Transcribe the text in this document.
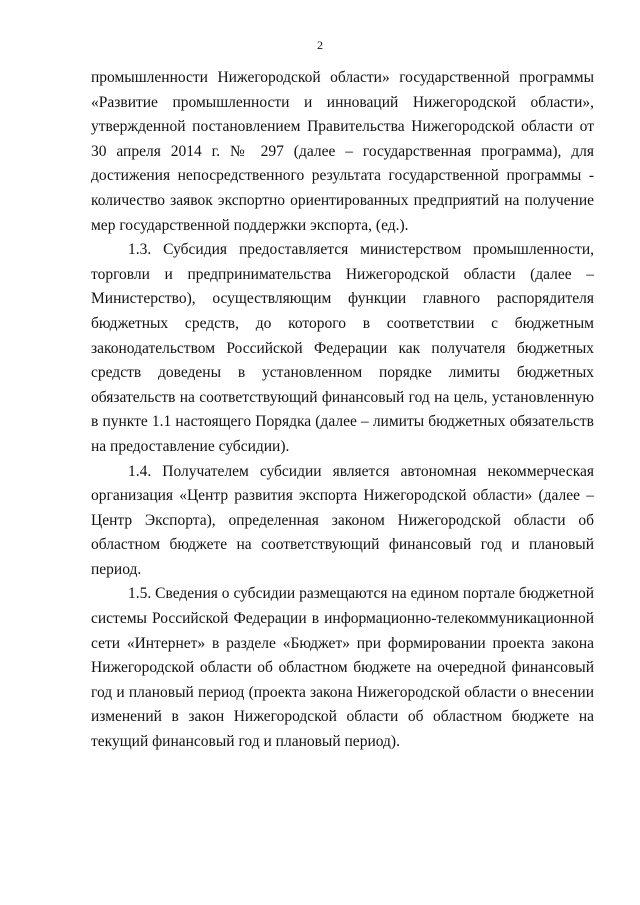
2

промышленности Нижегородской области» государственной программы «Развитие промышленности и инноваций Нижегородской области», утвержденной постановлением Правительства Нижегородской области от 30 апреля 2014 г. № 297 (далее – государственная программа), для достижения непосредственного результата государственной программы - количество заявок экспортно ориентированных предприятий на получение мер государственной поддержки экспорта, (ед.).

1.3. Субсидия предоставляется министерством промышленности, торговли и предпринимательства Нижегородской области (далее – Министерство), осуществляющим функции главного распорядителя бюджетных средств, до которого в соответствии с бюджетным законодательством Российской Федерации как получателя бюджетных средств доведены в установленном порядке лимиты бюджетных обязательств на соответствующий финансовый год на цель, установленную в пункте 1.1 настоящего Порядка (далее – лимиты бюджетных обязательств на предоставление субсидии).

1.4. Получателем субсидии является автономная некоммерческая организация «Центр развития экспорта Нижегородской области» (далее – Центр Экспорта), определенная законом Нижегородской области об областном бюджете на соответствующий финансовый год и плановый период.

1.5. Сведения о субсидии размещаются на едином портале бюджетной системы Российской Федерации в информационно-телекоммуникационной сети «Интернет» в разделе «Бюджет» при формировании проекта закона Нижегородской области об областном бюджете на очередной финансовый год и плановый период (проекта закона Нижегородской области о внесении изменений в закон Нижегородской области об областном бюджете на текущий финансовый год и плановый период).
